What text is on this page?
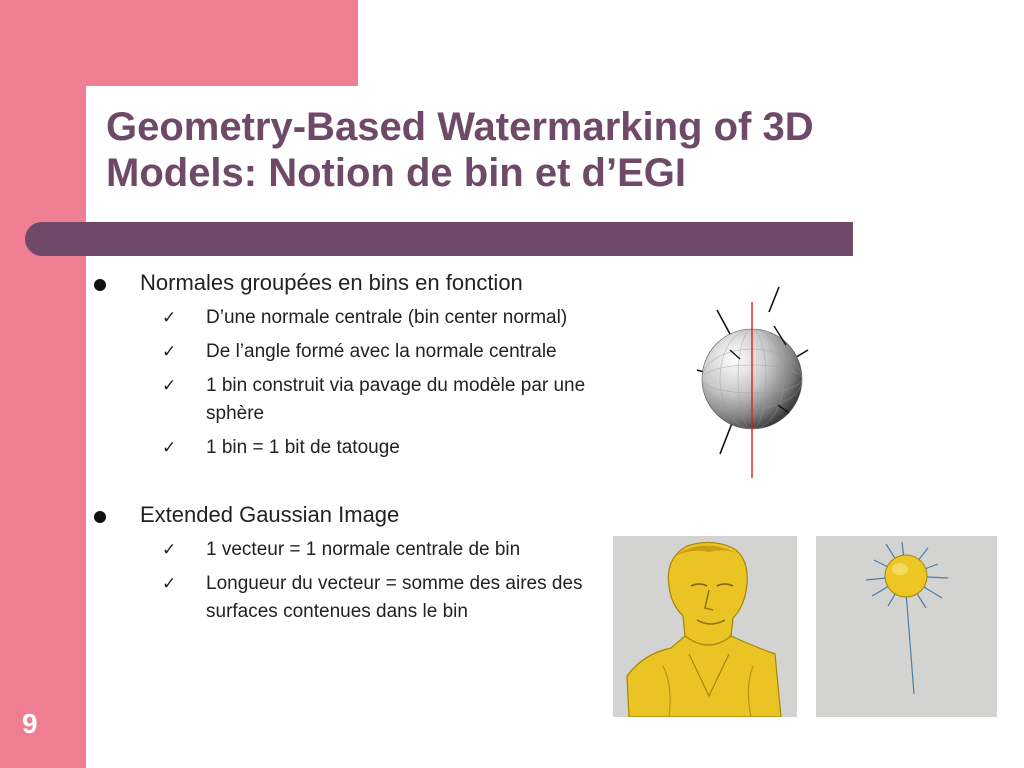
Geometry-Based Watermarking of 3D
Models: Notion de bin et d’EGI
Normales groupées en bins en fonction
✓ D’une normale centrale (bin center normal)
✓ De l’angle formé avec la normale centrale
✓ 1 bin construit via pavage du modèle par une sphère
✓ 1 bin = 1 bit de tatouge
Extended Gaussian Image
✓ 1 vecteur = 1 normale centrale de bin
✓ Longueur du vecteur = somme des aires des surfaces contenues dans le bin
9
